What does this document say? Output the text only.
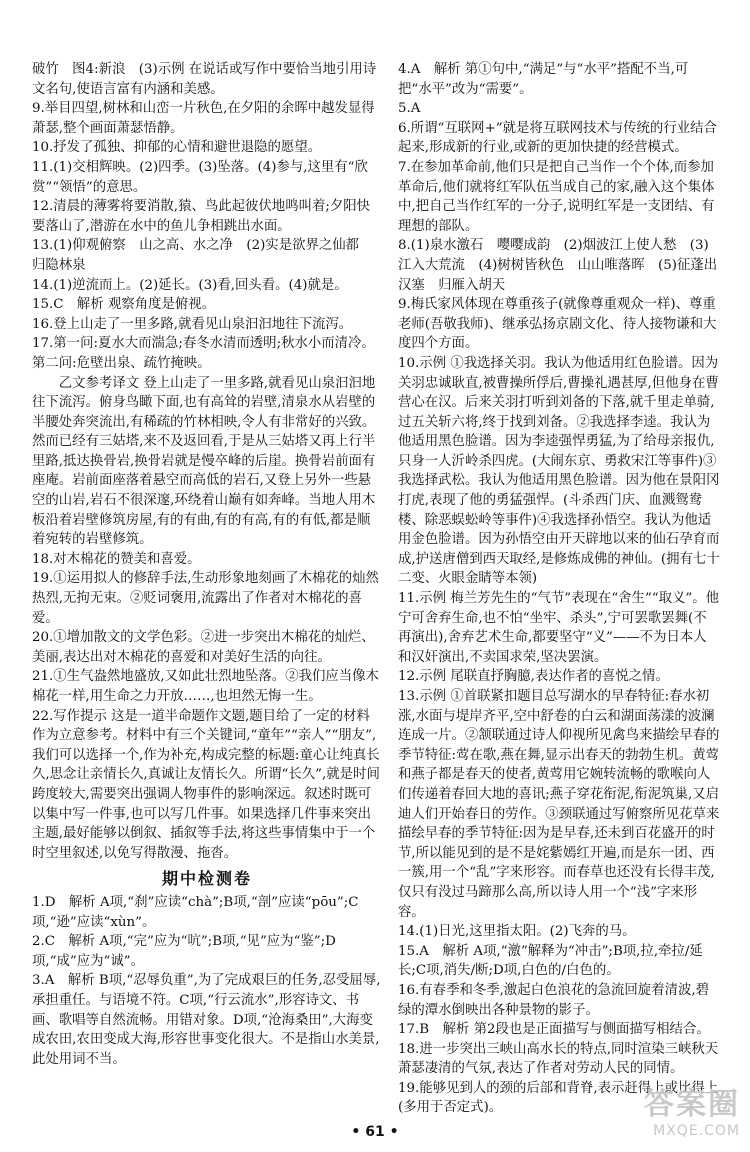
破竹　图4:新浪　(3)示例 在说话或写作中要恰当地引用诗文名句,使语言富有内涵和美感。

9.举目四望,树林和山峦一片秋色,在夕阳的余晖中越发显得萧瑟,整个画面萧瑟悟静。

10.抒发了孤独、抑郁的心情和避世退隐的愿望。

11.(1)交相辉映。(2)四季。(3)坠落。(4)参与,这里有“欣赏”“领悟”的意思。

12.清晨的薄雾将要消散,猿、鸟此起彼伏地鸣叫着;夕阳快要落山了,潜游在水中的鱼儿争相跳出水面。

13.(1)仰观俯察　山之高、水之净　(2)实是欲界之仙都　归隐林泉

14.(1)逆流而上。(2)延长。(3)看,回头看。(4)就是。

15.C　解析 观察角度是俯视。

16.登上山走了一里多路,就看见山泉汩汩地往下流泻。

17.第一问:夏水大而湍急;春冬水清而透明;秋水小而清冷。第二问:危壁出泉、疏竹掩映。

乙文参考译文 登上山走了一里多路,就看见山泉汩汩地往下流泻。俯身鸟瞰下面,也有高耸的岩壁,清泉水从岩壁的半腰处奔突流出,有稀疏的竹林相映,令人有非常好的兴致。然而已经有三姑塔,来不及返回看,于是从三姑塔又再上行半里路,抵达换骨岩,换骨岩就是慢卒峰的后崖。换骨岩前面有座庵。岩前面座落着悬空而高低的岩石,又登上另外一些悬空的山岩,岩石不很深邃,环绕着山巅有如奔峰。当地人用木板沿着岩壁修筑房屋,有的有曲,有的有高,有的有低,都是顺着宛转的岩壁修筑。

18.对木棉花的赞美和喜爱。

19.①运用拟人的修辞手法,生动形象地刻画了木棉花的灿然热烈,无拘无束。②贬词褒用,流露出了作者对木棉花的喜爱。

20.①增加散文的文学色彩。②进一步突出木棉花的灿烂、美丽,表达出对木棉花的喜爱和对美好生活的向往。

21.①生气盎然地盛放,又如此壮烈地坠落。②我们应当像木棉花一样,用生命之力开放……,也坦然无悔一生。

22.写作提示 这是一道半命题作文题,题目给了一定的材料作为立意参考。材料中有三个关键词,“童年”“亲人”“朋友”,我们可以选择一个,作为补充,构成完整的标题:童心让纯真长久,思念让亲情长久,真诚让友情长久。所谓“长久”,就是时间跨度较大,需要突出强调人物事件的影响深远。叙述时既可以集中写一件事,也可以写几件事。如果选择几件事来突出主题,最好能够以倒叙、插叙等手法,将这些事情集中于一个时空里叙述,以免写得散漫、拖沓。

期中检测卷

1.D　解析 A项,“刹”应读“chà”;B项,“剖”应读“pōu”;C项,“逊”应读“xùn”。

2.C　解析 A项,“完”应为“吭”;B项,“见”应为“鉴”;D项,“成”应为“诚”。

3.A　解析 B项,“忍辱负重”,为了完成艰巨的任务,忍受屈辱,承担重任。与语境不符。C项,“行云流水”,形容诗文、书画、歌唱等自然流畅。用错对象。D项,“沧海桑田”,大海变成农田,农田变成大海,形容世事变化很大。不是指山水美景,此处用词不当。

4.A　解析 第①句中,“满足”与“水平”搭配不当,可把“水平”改为“需要”。

5.A

6.所谓“互联网+”就是将互联网技术与传统的行业结合起来,形成新的行业,或新的更加快捷的经营模式。

7.在参加革命前,他们只是把自己当作一个个体,而参加革命后,他们就将红军队伍当成自己的家,融入这个集体中,把自己当作红军的一分子,说明红军是一支团结、有理想的部队。

8.(1)泉水激石　嘤嘤成韵　(2)烟波江上使人愁　(3)江入大荒流　(4)树树皆秋色　山山唯落晖　(5)征蓬出汉塞　归雁入胡天

9.梅氏家风体现在尊重孩子(就像尊重观众一样)、尊重老师(吾敬我师)、继承弘扬京剧文化、待人接物谦和大度四个方面。

10.示例 ①我选择关羽。我认为他适用红色脸谱。因为关羽忠诚耿直,被曹操所俘后,曹操礼遇甚厚,但他身在曹营心在汉。后来关羽打听到刘备的下落,就千里走单骑,过五关斩六将,终于找到刘备。②我选择李逵。我认为他适用黑色脸谱。因为李逵强悍勇猛,为了给母亲报仇,只身一人沂岭杀四虎。(大闹东京、勇救宋江等事件)③我选择武松。我认为他适用黑色脸谱。因为他在景阳冈打虎,表现了他的勇猛强悍。(斗杀西门庆、血溅鸳鸯楼、除恶蜈蚣岭等事件)④我选择孙悟空。我认为他适用金色脸谱。因为孙悟空由开天辟地以来的仙石孕育而成,护送唐僧到西天取经,是修炼成佛的神仙。(拥有七十二变、火眼金睛等本领)

11.示例 梅兰芳先生的“气节”表现在“舍生”“取义”。他宁可舍弃生命,也不怕“坐牢、杀头”,宁可罢歌罢舞(不再演出),舍弃艺术生命,都要坚守“义”——不为日本人和汉奸演出,不卖国求荣,坚决罢演。

12.示例 尾联直抒胸臆,表达作者的喜悦之情。

13.示例 ①首联紧扣题目总写湖水的早春特征:春水初涨,水面与堤岸齐平,空中舒卷的白云和湖面荡漾的波澜连成一片。②颔联通过诗人仰视所见禽鸟来描绘早春的季节特征:莺在歌,燕在舞,显示出春天的勃勃生机。黄莺和燕子都是春天的使者,黄莺用它婉转流畅的歌喉向人们传递着春回大地的喜讯;燕子穿花衔泥,衔泥筑巢,又启迪人们开始春日的劳作。③颈联通过写俯察所见花草来描绘早春的季节特征:因为是早春,还未到百花盛开的时节,所以能见到的是不是姹紫嫣红开遍,而是东一团、西一簇,用一个“乱”字来形容。而春草也还没有长得丰茂,仅只有没过马蹄那么高,所以诗人用一个“浅”字来形容。

14.(1)日光,这里指太阳。(2)飞奔的马。

15.A　解析 A项,“激”解释为“冲击”;B项,拉,牵拉/延长;C项,消失/断;D项,白色的/白色的。

16.有春季和冬季,激起白色浪花的急流回旋着清波,碧绿的潭水倒映出各种景物的影子。

17.B　解析 第2段也是正面描写与侧面描写相结合。

18.进一步突出三峡山高水长的特点,同时渲染三峡秋天萧瑟凄清的气氛,表达了作者对劳动人民的同情。

19.能够见到人的颈的后部和背脊,表示赶得上或比得上(多用于否定式)。

• 61 •
答案圈
MXQE.COM
